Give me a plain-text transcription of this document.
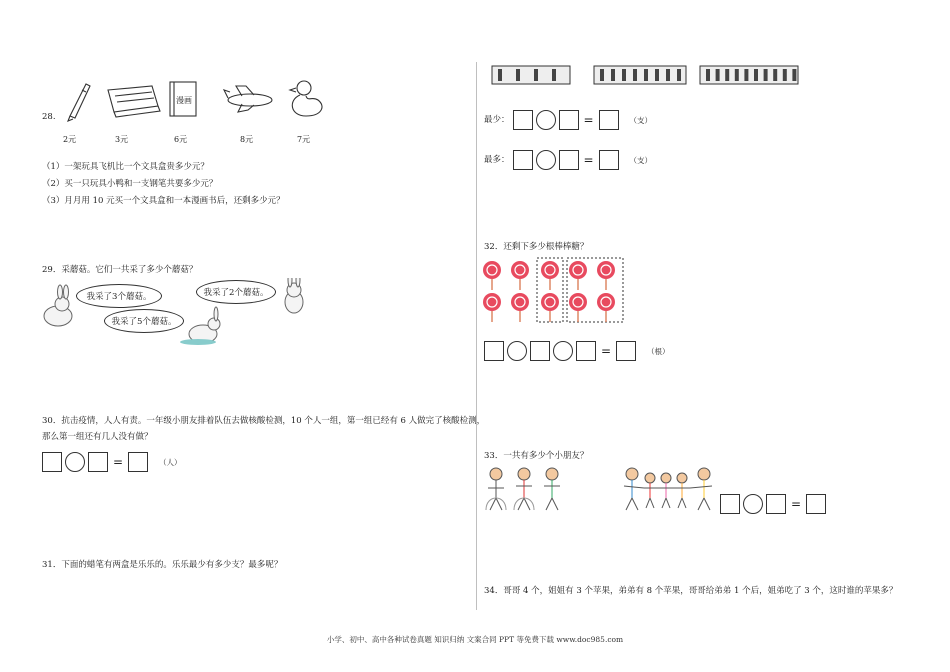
漫画
28.
2元	3元	6元	8元	7元
（1）一架玩具飞机比一个文具盒贵多少元？
（2）买一只玩具小鸭和一支钢笔共要多少元？
（3）月月用 10 元买一个文具盒和一本漫画书后，还剩多少元？
29．采蘑菇。它们一共采了多少个蘑菇？
我采了3个蘑菇。	我采了2个蘑菇。
我采了5个蘑菇。
30．抗击疫情，人人有责。一年级小朋友排着队伍去做核酸检测，10 个人一组，第一组已经有 6 人做完了核酸检测，
那么第一组还有几人没有做？
=	（人）
31．下面的蜡笔有两盒是乐乐的。乐乐最少有多少支？最多呢？
最少：	=	（支）
最多：	=	（支）
32．还剩下多少根棒棒糖？
=	（根）
33．一共有多少个小朋友？
=
34．哥哥 4 个，姐姐有 3 个苹果，弟弟有 8 个苹果，哥哥给弟弟 1 个后，姐弟吃了 3 个，这时谁的苹果多？
小学、初中、高中各种试卷真题 知识归纳 文案合同 PPT 等免费下载 www.doc985.com
